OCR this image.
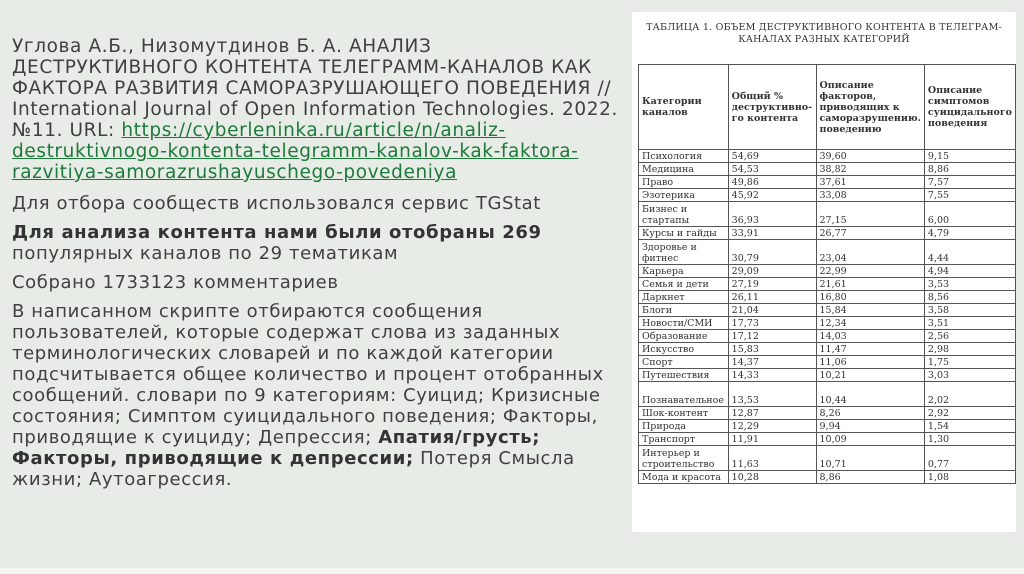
Углова А.Б., Низомутдинов Б. А. АНАЛИЗ ДЕСТРУКТИВНОГО КОНТЕНТА ТЕЛЕГРАММ-КАНАЛОВ КАК ФАКТОРА РАЗВИТИЯ САМОРАЗРУШАЮЩЕГО ПОВЕДЕНИЯ // International Journal of Open Information Technologies. 2022. №11. URL: https://cyberleninka.ru/article/n/analiz-destruktivnogo-kontenta-telegramm-kanalov-kak-faktora-razvitiya-samorazrushayuschego-povedeniya

Для отбора сообществ использовался сервис TGStat

Для анализа контента нами были отобраны 269 популярных каналов по 29 тематикам

Собрано 1733123 комментариев

В написанном скрипте отбираются сообщения пользователей, которые содержат слова из заданных терминологических словарей и по каждой категории подсчитывается общее количество и процент отобранных сообщений. словари по 9 категориям: Суицид; Кризисные состояния; Симптом суицидального поведения; Факторы, приводящие к суициду; Депрессия; Апатия/грусть; Факторы, приводящие к депрессии; Потеря Смысла жизни; Аутоагрессия.

ТАБЛИЦА 1. ОБЪЕМ ДЕСТРУКТИВНОГО КОНТЕНТА В ТЕЛЕГРАМ-КАНАЛАХ РАЗНЫХ КАТЕГОРИЙ
Категории каналов	Общий % деструктивно-го контента	Описание факторов, приводящих к саморазрушению. поведению	Описание симптомов суицидального поведения
Психология	54,69	39,60	9,15
Медицина	54,53	38,82	8,86
Право	49,86	37,61	7,57
Эзотерика	45,92	33,08	7,55
Бизнес и стартапы	36,93	27,15	6,00
Курсы и гайды	33,91	26,77	4,79
Здоровье и фитнес	30,79	23,04	4,44
Карьера	29,09	22,99	4,94
Семья и дети	27,19	21,61	3,53
Даркнет	26,11	16,80	8,56
Блоги	21,04	15,84	3,58
Новости/СМИ	17,73	12,34	3,51
Образование	17,12	14,03	2,56
Искусство	15,83	11,47	2,98
Спорт	14,37	11,06	1,75
Путешествия	14,33	10,21	3,03
Познавательное	13,53	10,44	2,02
Шок-контент	12,87	8,26	2,92
Природа	12,29	9,94	1,54
Транспорт	11,91	10,09	1,30
Интерьер и строительство	11,63	10,71	0,77
Мода и красота	10,28	8,86	1,08
